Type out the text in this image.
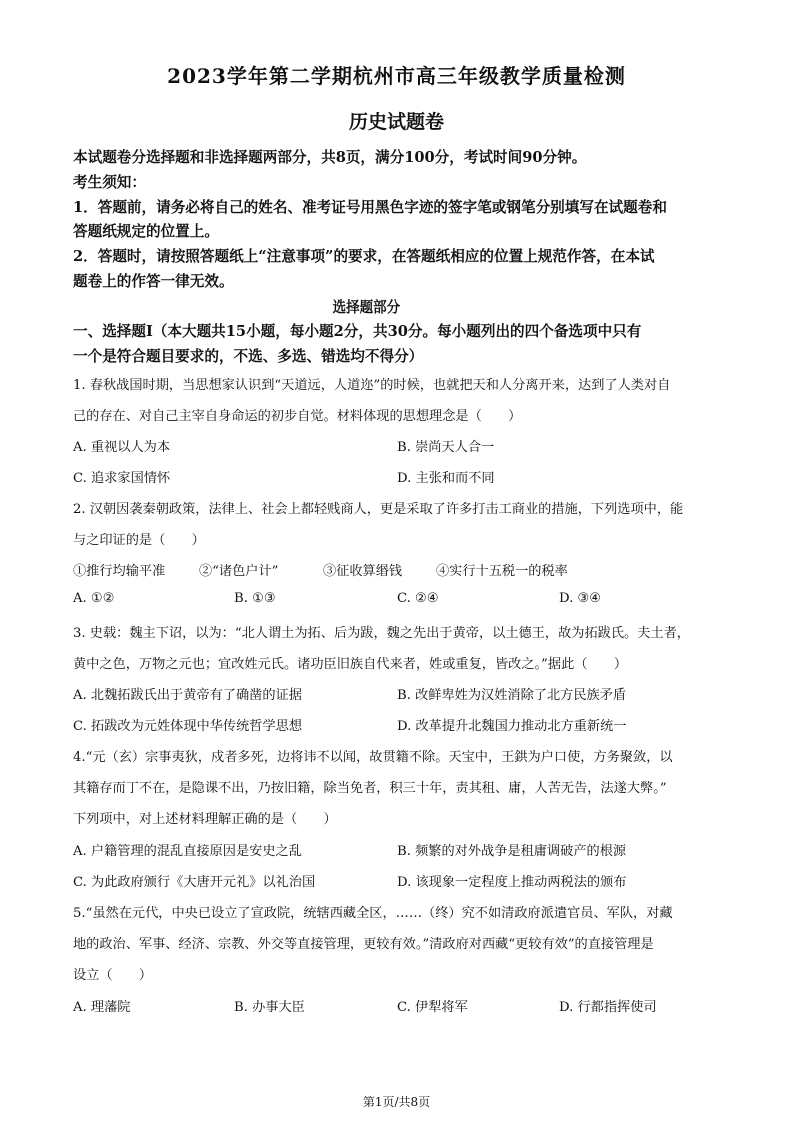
2023学年第二学期杭州市高三年级教学质量检测
历史试题卷
本试题卷分选择题和非选择题两部分，共8页，满分100分，考试时间90分钟。
考生须知：
1．答题前，请务必将自己的姓名、准考证号用黑色字迹的签字笔或钢笔分别填写在试题卷和
答题纸规定的位置上。
2．答题时，请按照答题纸上“注意事项”的要求，在答题纸相应的位置上规范作答，在本试
题卷上的作答一律无效。
选择题部分
一、选择题Ⅰ（本大题共15小题，每小题2分，共30分。每小题列出的四个备选项中只有
一个是符合题目要求的，不选、多选、错选均不得分）
1. 春秋战国时期，当思想家认识到“天道远，人道迩”的时候，也就把天和人分离开来，达到了人类对自
己的存在、对自己主宰自身命运的初步自觉。材料体现的思想理念是（　　）
A. 重视以人为本	B. 崇尚天人合一
C. 追求家国情怀	D. 主张和而不同
2. 汉朝因袭秦朝政策，法律上、社会上都轻贱商人，更是采取了许多打击工商业的措施，下列选项中，能
与之印证的是（　　）
①推行均输平准	②“诸色户计”	③征收算缗钱	④实行十五税一的税率
A. ①②	B. ①③	C. ②④	D. ③④
3. 史载：魏主下诏，以为：“北人谓土为拓、后为跋，魏之先出于黄帝，以土德王，故为拓跋氏。夫土者，
黄中之色，万物之元也；宜改姓元氏。诸功臣旧族自代来者，姓或重复，皆改之。”据此（　　）
A. 北魏拓跋氏出于黄帝有了确凿的证据	B. 改鲜卑姓为汉姓消除了北方民族矛盾
C. 拓跋改为元姓体现中华传统哲学思想	D. 改革提升北魏国力推动北方重新统一
4.“元（玄）宗事夷狄，戍者多死，边将讳不以闻，故贯籍不除。天宝中，王鉷为户口使，方务聚敛，以
其籍存而丁不在，是隐课不出，乃按旧籍，除当免者，积三十年，责其租、庸，人苦无告，法遂大弊。”
下列项中，对上述材料理解正确的是（　　）
A. 户籍管理的混乱直接原因是安史之乱	B. 频繁的对外战争是租庸调破产的根源
C. 为此政府颁行《大唐开元礼》以礼治国	D. 该现象一定程度上推动两税法的颁布
5.“虽然在元代，中央已设立了宣政院，统辖西藏全区，……（终）究不如清政府派遣官员、军队，对藏
地的政治、军事、经济、宗教、外交等直接管理，更较有效。”清政府对西藏“更较有效”的直接管理是
设立（　　）
A. 理藩院	B. 办事大臣	C. 伊犁将军	D. 行都指挥使司
第1页/共8页
